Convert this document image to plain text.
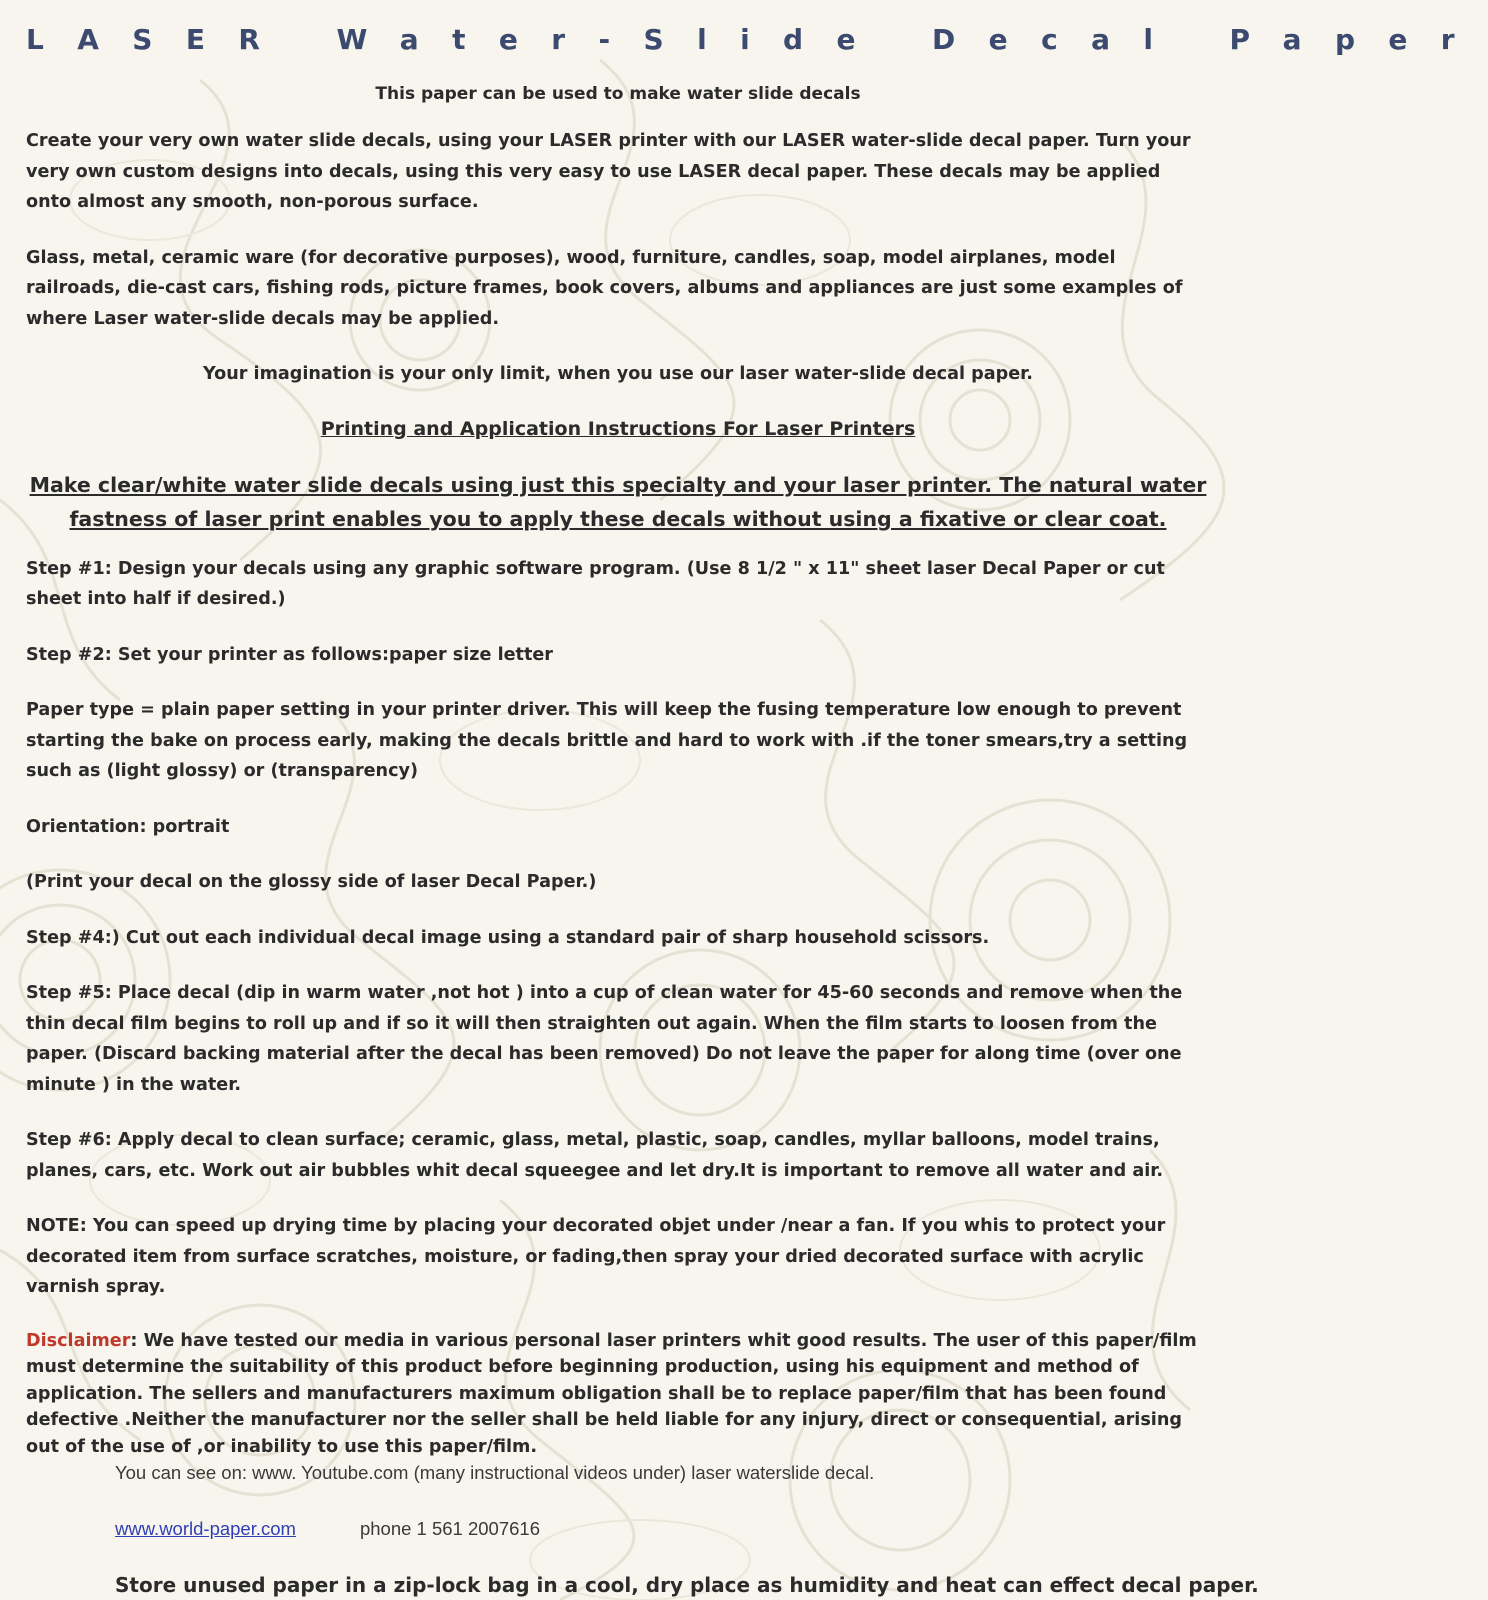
LASER Water-Slide Decal Paper

This paper can be used to make water slide decals

Create your very own water slide decals, using your LASER printer with our LASER water-slide decal paper. Turn your very own custom designs into decals, using this very easy to use LASER decal paper. These decals may be applied onto almost any smooth, non-porous surface.

Glass, metal, ceramic ware (for decorative purposes), wood, furniture, candles, soap, model airplanes, model railroads, die-cast cars, fishing rods, picture frames, book covers, albums and appliances are just some examples of where Laser water-slide decals may be applied.

Your imagination is your only limit, when you use our laser water-slide decal paper.

Printing and Application Instructions For Laser Printers

Make clear/white water slide decals using just this specialty and your laser printer. The natural water fastness of laser print enables you to apply these decals without using a fixative or clear coat.

Step #1: Design your decals using any graphic software program. (Use 8 1/2 " x 11" sheet laser Decal Paper or cut sheet into half if desired.)

Step #2: Set your printer as follows:paper size letter

Paper type = plain paper setting in your printer driver. This will keep the fusing temperature low enough to prevent starting the bake on process early, making the decals brittle and hard to work with .if the toner smears,try a setting such as (light glossy) or (transparency)

Orientation: portrait

(Print your decal on the glossy side of laser Decal Paper.)

Step #4:) Cut out each individual decal image using a standard pair of sharp household scissors.

Step #5: Place decal (dip in warm water ,not hot ) into a cup of clean water for 45-60 seconds and remove when the thin decal film begins to roll up and if so it will then straighten out again. When the film starts to loosen from the paper. (Discard backing material after the decal has been removed) Do not leave the paper for along time (over one minute ) in the water.

Step #6: Apply decal to clean surface; ceramic, glass, metal, plastic, soap, candles, myllar balloons, model trains, planes, cars, etc. Work out air bubbles whit decal squeegee and let dry.It is important to remove all water and air.

NOTE: You can speed up drying time by placing your decorated objet under /near a fan. If you whis to protect your decorated item from surface scratches, moisture, or fading,then spray your dried decorated surface with acrylic varnish spray.

Disclaimer: We have tested our media in various personal laser printers whit good results. The user of this paper/film must determine the suitability of this product before beginning production, using his equipment and method of application. The sellers and manufacturers maximum obligation shall be to replace paper/film that has been found defective .Neither the manufacturer nor the seller shall be held liable for any injury, direct or consequential, arising out of the use of ,or inability to use this paper/film.

You can see on: www. Youtube.com (many instructional videos under) laser waterslide decal.

www.world-paper.com	phone 1 561 2007616

Store unused paper in a zip-lock bag in a cool, dry place as humidity and heat can effect decal paper.
